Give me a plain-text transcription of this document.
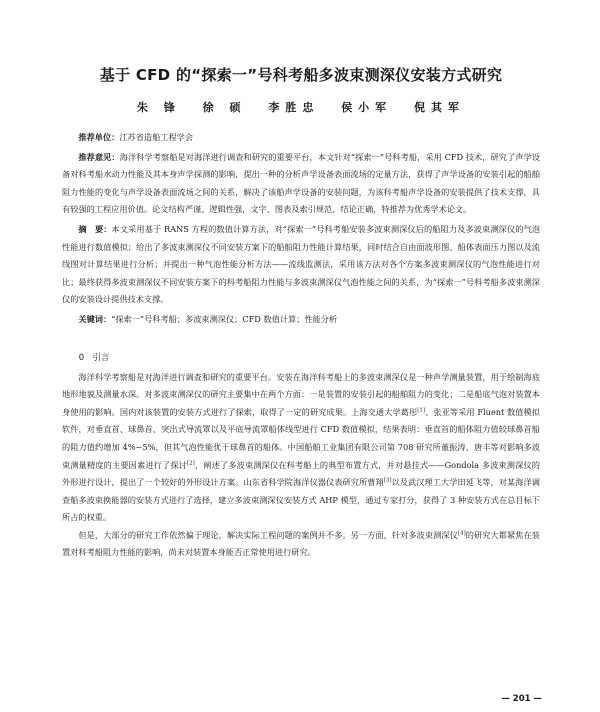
基于 CFD 的“探索一”号科考船多波束测深仪安装方式研究
朱 锋 徐 硕 李胜忠 侯小军 倪其军

推荐单位：江苏省造船工程学会

推荐意见：海洋科学考察船是对海洋进行调查和研究的重要平台，本文针对“探索一”号科考船，采用 CFD 技术，研究了声学设备对科考船水动力性能及其本身声学探测的影响，提出一种的分析声学设备表面流场的定量方法，获得了声学设备的安装引起的船舶阻力性能的变化与声学设备表面流场之间的关系，解决了该船声学设备的安装问题，为该科考船声学设备的安装提供了技术支撑，具有较强的工程应用价值。论文结构严谨、逻辑性强，文字、图表及索引规范、结论正确，特推荐为优秀学术论文。

摘　要：本文采用基于 RANS 方程的数值计算方法，对“探索一”号科考船安装多波束测深仪后的船阻力及多波束测深仪的气泡性能进行数值模拟；给出了多波束测深仪不同安装方案下的船舶阻力性能计算结果，同时结合自由面波形图、船体表面压力图以及流线图对计算结果进行分析；并提出一种气泡性能分析方法——流线监测法，采用该方法对各个方案多波束测深仪的气泡性能进行对比；最终获得多波束测深仪不同安装方案下的科考船阻力性能与多波束测深仪气泡性能之间的关系，为“探索一”号科考船多波束测深仪的安装设计提供技术支撑。

关键词：“探索一”号科考船；多波束测深仪；CFD 数值计算；性能分析

0　引言

海洋科学考察船是对海洋进行调查和研究的重要平台。安装在海洋科考船上的多波束测深仪是一种声学测量装置，用于绘制海底地形地貌及测量水深。对多波束测深仪的研究主要集中在两个方面：一是装置的安装引起的船舶阻力的变化；二是船底气泡对装置本身使用的影响。国内对该装置的安装方式进行了探索，取得了一定的研究成果。上海交通大学葛彤[1]、张亚等采用 Fluent 数值模拟软件，对垂直首、球鼻首、突出式导流罩以及平底导流罩船体线型进行 CFD 数值模拟，结果表明：垂直首的船体阻力值较球鼻首船的阻力值约增加 4%~5%，但其气泡性能优于球鼻首的船体。中国船舶工业集团有限公司第 708 研究所董振涛、唐丰等对影响多波束测量精度的主要因素进行了探讨[2]，阐述了多波束测深仪在科考船上的典型布置方式，并对悬挂式——Gondola 多波束测深仪的外形进行设计，提出了一个较好的外形设计方案。山东省科学院海洋仪器仪表研究所曹翔[3]以及武汉理工大学田延飞等，对某海洋调查船多波束换能器的安装方式进行了选择，建立多波束测深仪安装方式 AHP 模型，通过专家打分，获得了 3 种安装方式在总目标下所占的权重。

但是，大部分的研究工作依然偏于理论，解决实际工程问题的案例并不多。另一方面，针对多波束测深仪[4]的研究大都紧焦在装置对科考船阻力性能的影响，尚未对装置本身能否正常使用进行研究。

— 201 —
